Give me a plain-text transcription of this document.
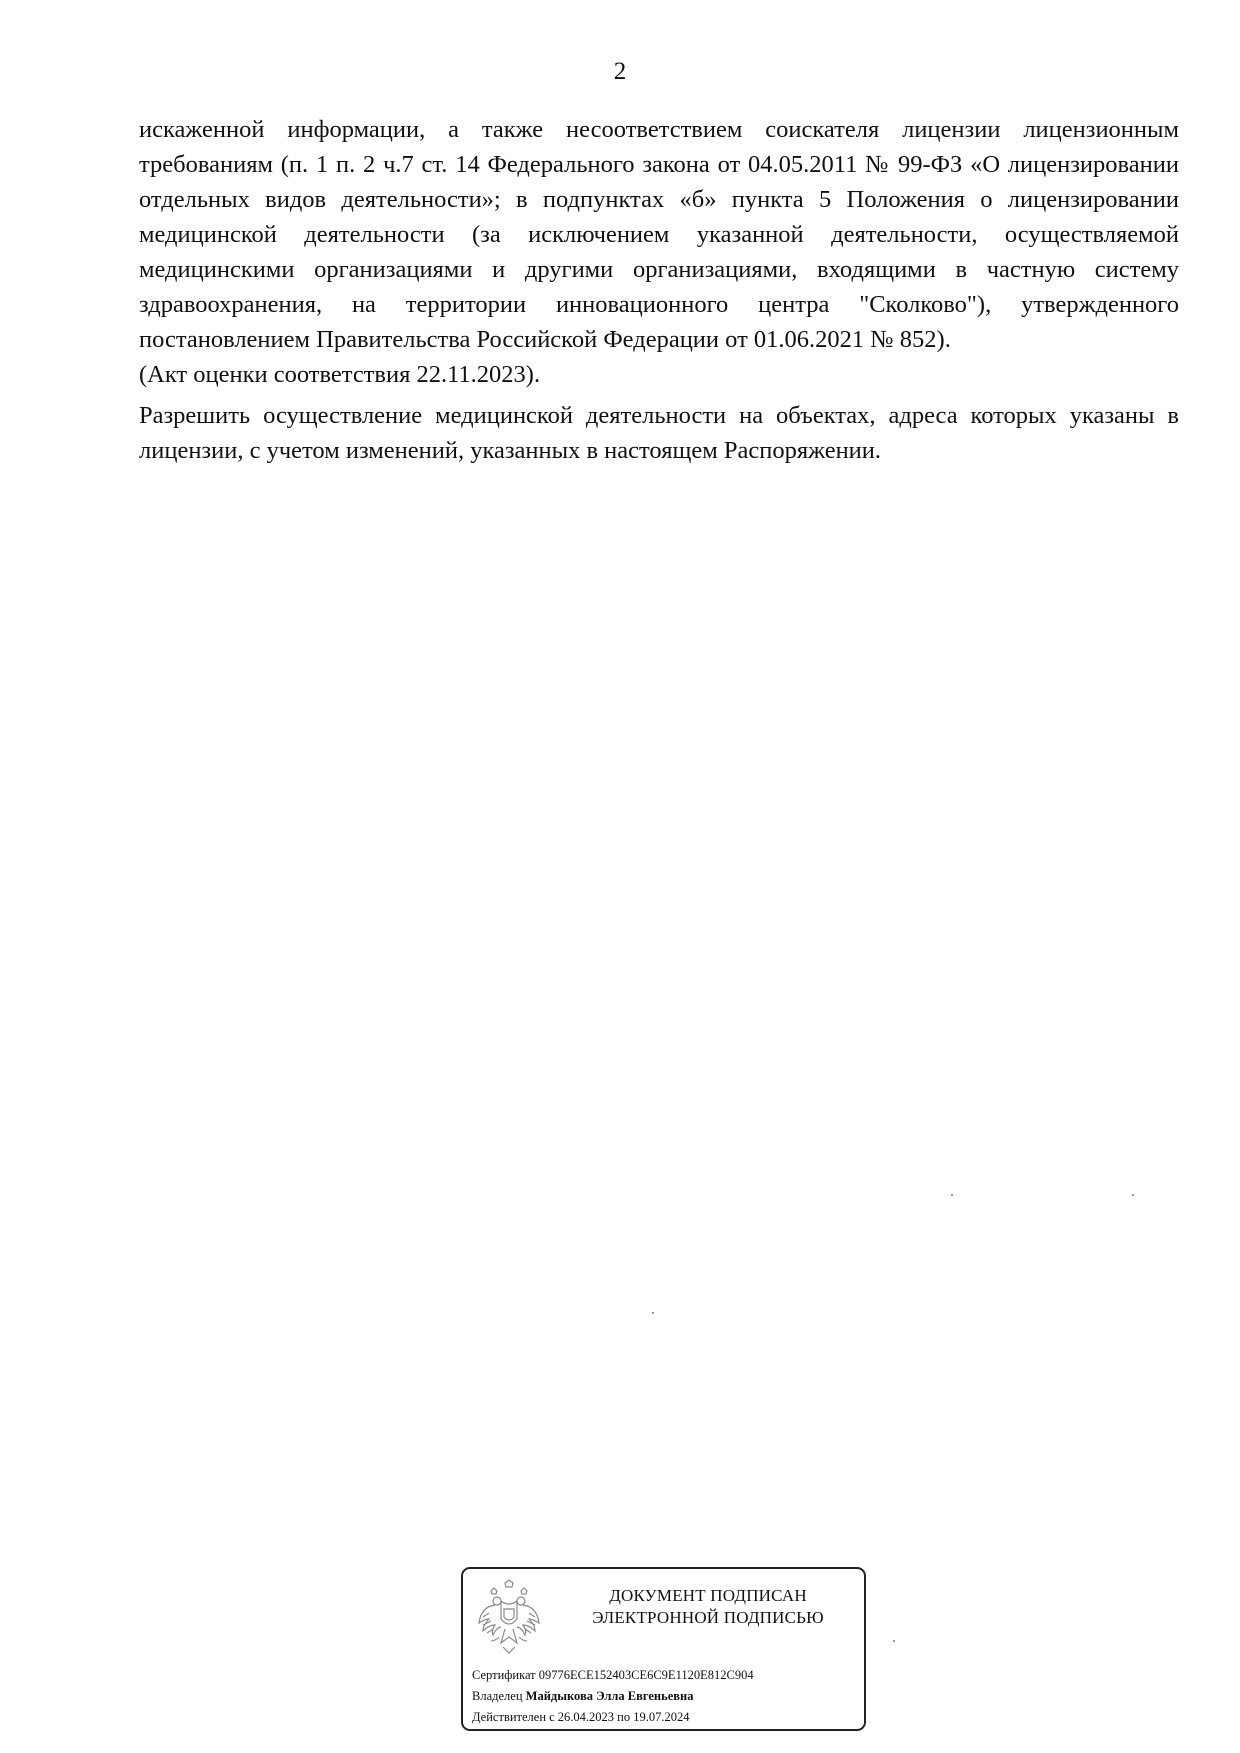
2

искаженной информации, а также несоответствием соискателя лицензии лицензионным требованиям (п. 1 п. 2 ч.7 ст. 14 Федерального закона от 04.05.2011 № 99-ФЗ «О лицензировании отдельных видов деятельности»; в подпунктах «б» пункта 5 Положения о лицензировании медицинской деятельности (за исключением указанной деятельности, осуществляемой медицинскими организациями и другими организациями, входящими в частную систему здравоохранения, на территории инновационного центра "Сколково"), утвержденного постановлением Правительства Российской Федерации от 01.06.2021 № 852).

(Акт оценки соответствия 22.11.2023).

Разрешить осуществление медицинской деятельности на объектах, адреса которых указаны в лицензии, с учетом изменений, указанных в настоящем Распоряжении.

ДОКУМЕНТ ПОДПИСАН
ЭЛЕКТРОННОЙ ПОДПИСЬЮ
Сертификат 09776ECE152403CE6C9E1120E812C904
Владелец Майдыкова Элла Евгеньевна
Действителен с 26.04.2023 по 19.07.2024
